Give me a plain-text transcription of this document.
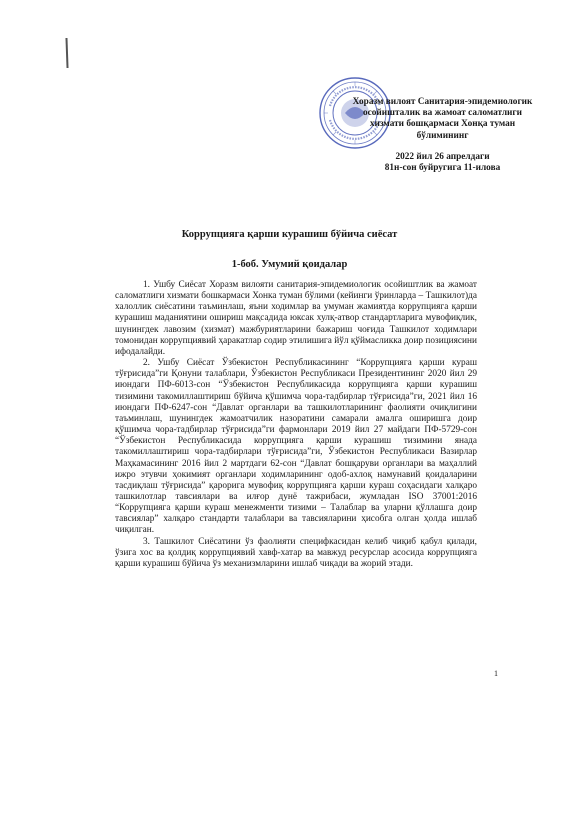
Хоразм вилоят Санитария-эпидемиологик
осойишталик ва жамоат саломатлиги
хизмати бошқармаси Хонқа туман
бўлимининг
2022 йил 26 апрелдаги
81н-сон буйругига 11-илова
Коррупцияга қарши курашиш бўйича сиёсат
1-боб. Умумий қоидалар

1. Ушбу Сиёсат Хоразм вилояти санитария-эпидемиологик осойиштлик ва жамоат саломатлиги хизмати бошкармаси Хонка туман бўлими (кейинги ўринларда – Ташкилот)да халоллик сиёсатини таъминлаш, яъни ходимлар ва умуман жамиятда коррупцияга қарши курашиш маданиятини ошириш мақсадида юксак хулқ-атвор стандартларига мувофиқлик, шунингдек лавозим (хизмат) мажбуриятларини бажариш чоғида Ташкилот ходимлари томонидан коррупциявий ҳаракатлар содир этилишига йўл қўймасликка доир позициясини ифодалайди.

2. Ушбу Сиёсат Ўзбекистон Республикасининг “Коррупцияга қарши кураш тўғрисида”ги Қонуни талаблари, Ўзбекистон Республикаси Президентининг 2020 йил 29 июндаги ПФ-6013-сон “Ўзбекистон Республикасида коррупцияга қарши курашиш тизимини такомиллаштириш бўйича қўшимча чора-тадбирлар тўғрисида”ги, 2021 йил 16 июндаги ПФ-6247-сон “Давлат органлари ва ташкилотларининг фаолияти очиқлигини таъминлаш, шунингдек жамоатчилик назоратини самарали амалга оширишга доир қўшимча чора-тадбирлар тўғрисида”ги фармонлари 2019 йил 27 майдаги ПФ-5729-сон “Ўзбекистон Республикасида коррупцияга қарши курашиш тизимини янада такомиллаштириш чора-тадбирлари тўғрисида”ги, Ўзбекистон Республикаси Вазирлар Маҳкамасининг 2016 йил 2 мартдаги 62-сон “Давлат бошқаруви органлари ва маҳаллий ижро этувчи ҳокимият органлари ходимларининг одоб-ахлоқ намунавий қоидаларини тасдиқлаш тўғрисида” қарорига мувофиқ коррупцияга қарши кураш соҳасидаги халқаро ташкилотлар тавсиялари ва илғор дунё тажрибаси, жумладан ISO 37001:2016 “Коррупцияга қарши кураш менежменти тизими – Талаблар ва уларни қўллашга доир тавсиялар” халқаро стандарти талаблари ва тавсияларини ҳисобга олган ҳолда ишлаб чиқилган.

3. Ташкилот Сиёсатини ўз фаолияти специфкасидан келиб чиқиб қабул қилади, ўзига хос ва қолдиқ коррупциявий хавф-хатар ва мавжуд ресурслар асосида коррупцияга қарши курашиш бўйича ўз механизмларини ишлаб чиқади ва жорий этади.

1
